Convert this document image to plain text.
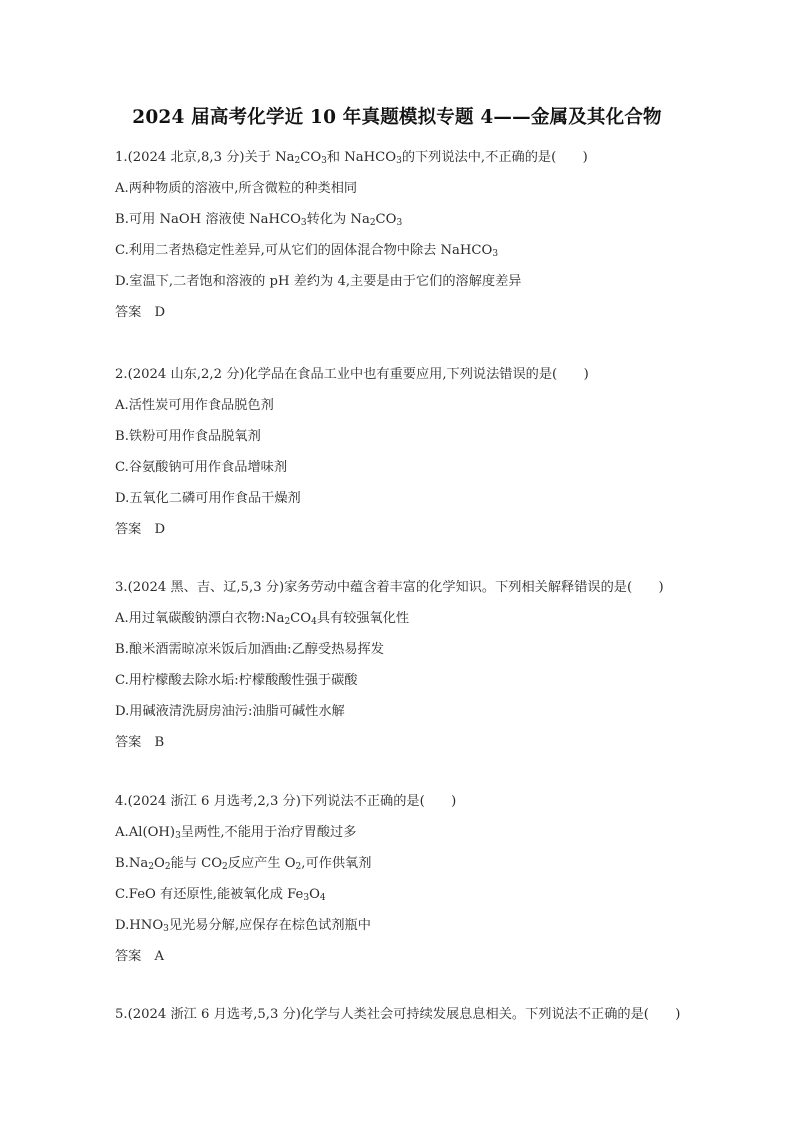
2024 届高考化学近 10 年真题模拟专题 4——金属及其化合物
1.(2024 北京,8,3 分)关于 $Na_2CO_3$和 NaHCO$_3$的下列说法中,不正确的是(　　)
A.两种物质的溶液中,所含微粒的种类相同
B.可用 NaOH 溶液使 NaHCO$_3$转化为 $Na_2CO_3$
C.利用二者热稳定性差异,可从它们的固体混合物中除去 NaHCO$_3$
D.室温下,二者饱和溶液的 pH 差约为 4,主要是由于它们的溶解度差异
答案　D
2.(2024 山东,2,2 分)化学品在食品工业中也有重要应用,下列说法错误的是(　　)
A.活性炭可用作食品脱色剂
B.铁粉可用作食品脱氧剂
C.谷氨酸钠可用作食品增味剂
D.五氧化二磷可用作食品干燥剂
答案　D
3.(2024 黑、吉、辽,5,3 分)家务劳动中蕴含着丰富的化学知识。下列相关解释错误的是(　　)
A.用过氧碳酸钠漂白衣物$:Na_2CO_4$具有较强氧化性
B.酿米酒需晾凉米饭后加酒曲:乙醇受热易挥发
C.用柠檬酸去除水垢:柠檬酸酸性强于碳酸
D.用碱液清洗厨房油污:油脂可碱性水解
答案　B
4.(2024 浙江 6 月选考,2,3 分)下列说法不正确的是(　　)
$A.Al(OH)_3$呈两性,不能用于治疗胃酸过多
$B.Na_2O_2$能与 $CO_2$反应产生 $O_2$,可作供氧剂
C.FeO 有还原性,能被氧化成 $Fe_3O_4$
$D.HNO_3$见光易分解,应保存在棕色试剂瓶中
答案　A
5.(2024 浙江 6 月选考,5,3 分)化学与人类社会可持续发展息息相关。下列说法不正确的是(　　)
